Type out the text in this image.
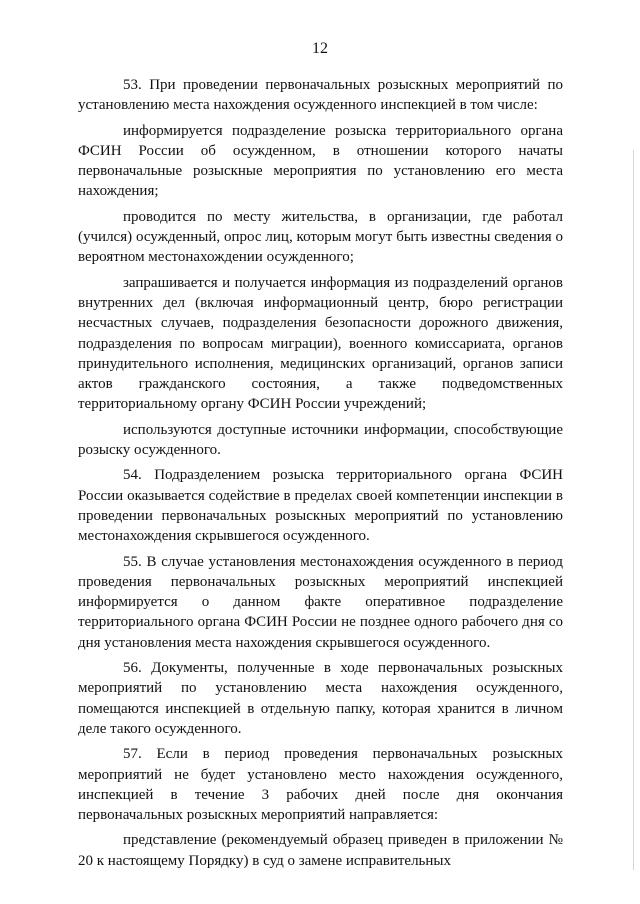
12

53. При проведении первоначальных розыскных мероприятий по установлению места нахождения осужденного инспекцией в том числе:

информируется подразделение розыска территориального органа ФСИН России об осужденном, в отношении которого начаты первоначальные розыскные мероприятия по установлению его места нахождения;

проводится по месту жительства, в организации, где работал (учился) осужденный, опрос лиц, которым могут быть известны сведения о вероятном местонахождении осужденного;

запрашивается и получается информация из подразделений органов внутренних дел (включая информационный центр, бюро регистрации несчастных случаев, подразделения безопасности дорожного движения, подразделения по вопросам миграции), военного комиссариата, органов принудительного исполнения, медицинских организаций, органов записи актов гражданского состояния, а также подведомственных территориальному органу ФСИН России учреждений;

используются доступные источники информации, способствующие розыску осужденного.

54. Подразделением розыска территориального органа ФСИН России оказывается содействие в пределах своей компетенции инспекции в проведении первоначальных розыскных мероприятий по установлению местонахождения скрывшегося осужденного.

55. В случае установления местонахождения осужденного в период проведения первоначальных розыскных мероприятий инспекцией информируется о данном факте оперативное подразделение территориального органа ФСИН России не позднее одного рабочего дня со дня установления места нахождения скрывшегося осужденного.

56. Документы, полученные в ходе первоначальных розыскных мероприятий по установлению места нахождения осужденного, помещаются инспекцией в отдельную папку, которая хранится в личном деле такого осужденного.

57. Если в период проведения первоначальных розыскных мероприятий не будет установлено место нахождения осужденного, инспекцией в течение 3 рабочих дней после дня окончания первоначальных розыскных мероприятий направляется:

представление (рекомендуемый образец приведен в приложении № 20 к настоящему Порядку) в суд о замене исправительных
